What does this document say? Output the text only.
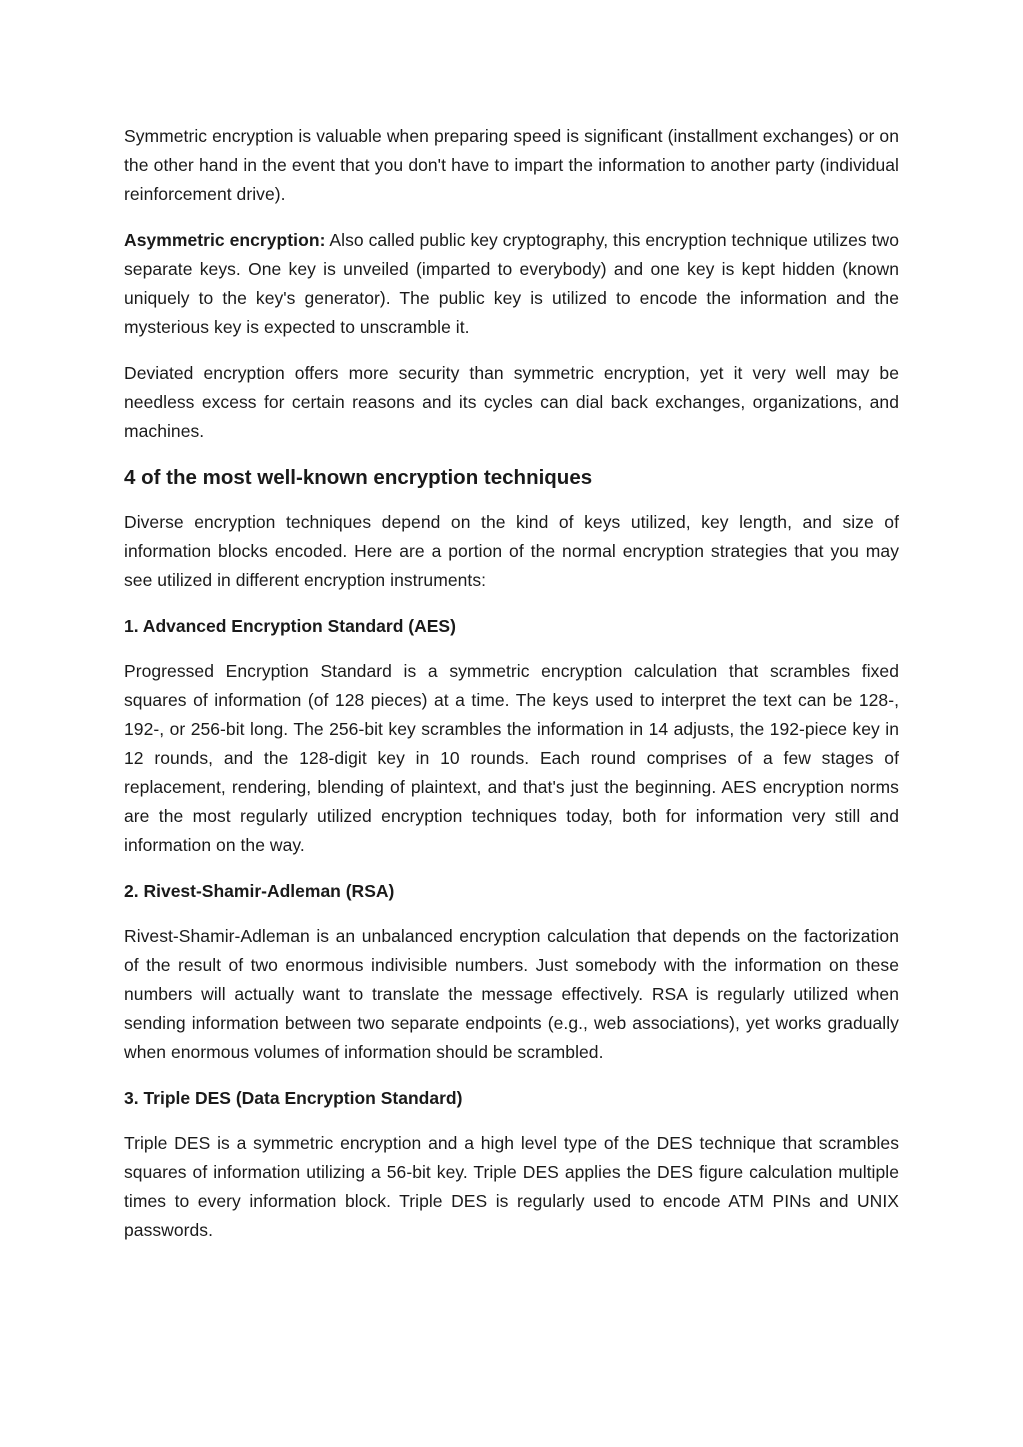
Symmetric encryption is valuable when preparing speed is significant (installment exchanges) or on the other hand in the event that you don't have to impart the information to another party (individual reinforcement drive).

Asymmetric encryption: Also called public key cryptography, this encryption technique utilizes two separate keys. One key is unveiled (imparted to everybody) and one key is kept hidden (known uniquely to the key's generator). The public key is utilized to encode the information and the mysterious key is expected to unscramble it.

Deviated encryption offers more security than symmetric encryption, yet it very well may be needless excess for certain reasons and its cycles can dial back exchanges, organizations, and machines.

4 of the most well-known encryption techniques

Diverse encryption techniques depend on the kind of keys utilized, key length, and size of information blocks encoded. Here are a portion of the normal encryption strategies that you may see utilized in different encryption instruments:

1. Advanced Encryption Standard (AES)

Progressed Encryption Standard is a symmetric encryption calculation that scrambles fixed squares of information (of 128 pieces) at a time. The keys used to interpret the text can be 128-, 192-, or 256-bit long. The 256-bit key scrambles the information in 14 adjusts, the 192-piece key in 12 rounds, and the 128-digit key in 10 rounds. Each round comprises of a few stages of replacement, rendering, blending of plaintext, and that's just the beginning. AES encryption norms are the most regularly utilized encryption techniques today, both for information very still and information on the way.

2. Rivest-Shamir-Adleman (RSA)

Rivest-Shamir-Adleman is an unbalanced encryption calculation that depends on the factorization of the result of two enormous indivisible numbers. Just somebody with the information on these numbers will actually want to translate the message effectively. RSA is regularly utilized when sending information between two separate endpoints (e.g., web associations), yet works gradually when enormous volumes of information should be scrambled.

3. Triple DES (Data Encryption Standard)

Triple DES is a symmetric encryption and a high level type of the DES technique that scrambles squares of information utilizing a 56-bit key. Triple DES applies the DES figure calculation multiple times to every information block. Triple DES is regularly used to encode ATM PINs and UNIX passwords.
